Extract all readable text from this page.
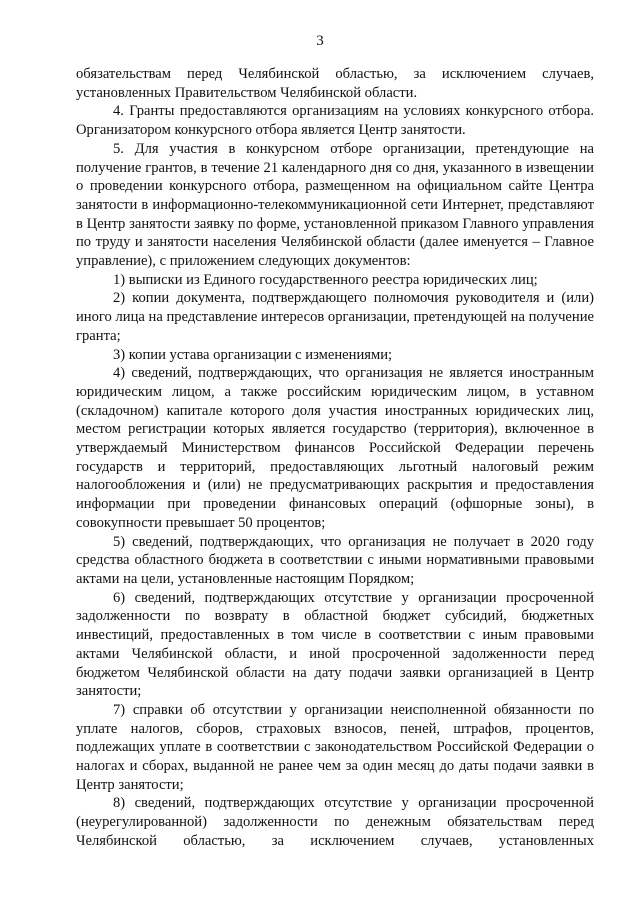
3

обязательствам перед Челябинской областью, за исключением случаев, установленных Правительством Челябинской области.

4. Гранты предоставляются организациям на условиях конкурсного отбора. Организатором конкурсного отбора является Центр занятости.

5. Для участия в конкурсном отборе организации, претендующие на получение грантов, в течение 21 календарного дня со дня, указанного в извещении о проведении конкурсного отбора, размещенном на официальном сайте Центра занятости в информационно-телекоммуникационной сети Интернет, представляют в Центр занятости заявку по форме, установленной приказом Главного управления по труду и занятости населения Челябинской области (далее именуется – Главное управление), с приложением следующих документов:

1) выписки из Единого государственного реестра юридических лиц;

2) копии документа, подтверждающего полномочия руководителя и (или) иного лица на представление интересов организации, претендующей на получение гранта;

3) копии устава организации с изменениями;

4) сведений, подтверждающих, что организация не является иностранным юридическим лицом, а также российским юридическим лицом, в уставном (складочном) капитале которого доля участия иностранных юридических лиц, местом регистрации которых является государство (территория), включенное в утверждаемый Министерством финансов Российской Федерации перечень государств и территорий, предоставляющих льготный налоговый режим налогообложения и (или) не предусматривающих раскрытия и предоставления информации при проведении финансовых операций (офшорные зоны), в совокупности превышает 50 процентов;

5) сведений, подтверждающих, что организация не получает в 2020 году средства областного бюджета в соответствии с иными нормативными правовыми актами на цели, установленные настоящим Порядком;

6) сведений, подтверждающих отсутствие у организации просроченной задолженности по возврату в областной бюджет субсидий, бюджетных инвестиций, предоставленных в том числе в соответствии с иным правовыми актами Челябинской области, и иной просроченной задолженности перед бюджетом Челябинской области на дату подачи заявки организацией в Центр занятости;

7) справки об отсутствии у организации неисполненной обязанности по уплате налогов, сборов, страховых взносов, пеней, штрафов, процентов, подлежащих уплате в соответствии с законодательством Российской Федерации о налогах и сборах, выданной не ранее чем за один месяц до даты подачи заявки в Центр занятости;

8) сведений, подтверждающих отсутствие у организации просроченной (неурегулированной) задолженности по денежным обязательствам перед Челябинской областью, за исключением случаев, установленных
